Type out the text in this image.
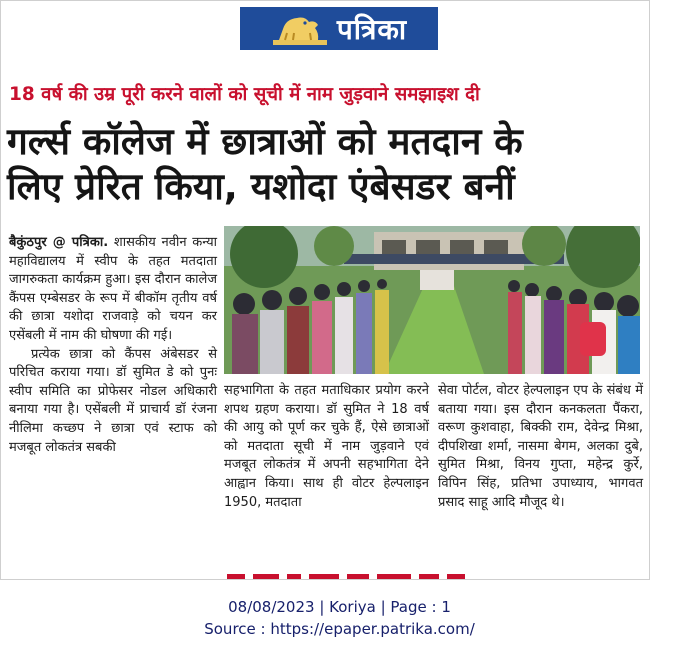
पत्रिका
18 वर्ष की उम्र पूरी करने वालों को सूची में नाम जुड़वाने समझाइश दी
गर्ल्स कॉलेज में छात्राओं को मतदान के
लिए प्रेरित किया, यशोदा एंबेसडर बनीं

बैकुंठपुर @ पत्रिका. शासकीय नवीन कन्या महाविद्यालय में स्वीप के तहत मतदाता जागरुकता कार्यक्रम हुआ। इस दौरान कालेज कैंपस एम्बेसडर के रूप में बीकॉम तृतीय वर्ष की छात्रा यशोदा राजवाड़े को चयन कर एसेंबली में नाम की घोषणा की गई।

प्रत्येक छात्रा को कैंपस अंबेसडर से परिचित कराया गया। डॉ सुमित डे को पुनः स्वीप समिति का प्रोफेसर नोडल अधिकारी बनाया गया है। एसेंबली में प्राचार्य डॉ रंजना नीलिमा कच्छप ने छात्रा एवं स्टाफ को मजबूत लोकतंत्र सबकी

सहभागिता के तहत मताधिकार प्रयोग करने शपथ ग्रहण कराया। डॉ सुमित ने 18 वर्ष की आयु को पूर्ण कर चुके हैं, ऐसे छात्राओं को मतदाता सूची में नाम जुड़वाने एवं मजबूत लोकतंत्र में अपनी सहभागिता देने आह्वान किया। साथ ही वोटर हेल्पलाइन 1950, मतदाता

सेवा पोर्टल, वोटर हेल्पलाइन एप के संबंध में बताया गया। इस दौरान कनकलता पैंकरा, वरूण कुशवाहा, बिक्की राम, देवेन्द्र मिश्रा, दीपशिखा शर्मा, नासमा बेगम, अलका दुबे, सुमित मिश्रा, विनय गुप्ता, महेन्द्र कुर्रे, विपिन सिंह, प्रतिभा उपाध्याय, भागवत प्रसाद साहू आदि मौजूद थे।

08/08/2023 | Koriya | Page : 1
Source : https://epaper.patrika.com/
